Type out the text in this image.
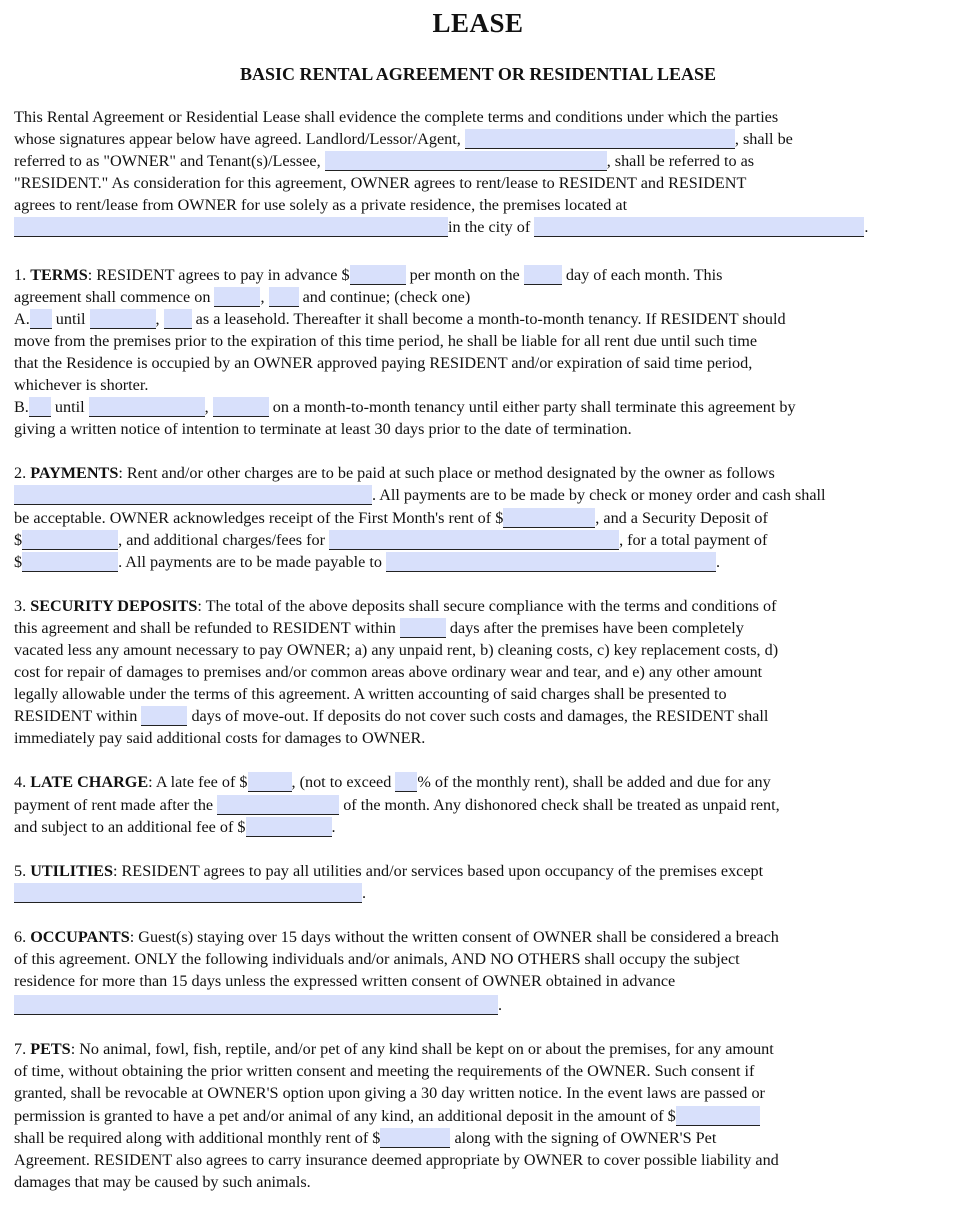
LEASE
BASIC RENTAL AGREEMENT OR RESIDENTIAL LEASE
This Rental Agreement or Residential Lease shall evidence the complete terms and conditions under which the parties
whose signatures appear below have agreed. Landlord/Lessor/Agent,	, shall be
referred to as "OWNER" and Tenant(s)/Lessee,	, shall be referred to as
"RESIDENT." As consideration for this agreement, OWNER agrees to rent/lease to RESIDENT and RESIDENT
agrees to rent/lease from OWNER for use solely as a private residence, the premises located at
in the city of	.
1. TERMS: RESIDENT agrees to pay in advance $	per month on the  day of each month. This
agreement shall commence on	,  and continue; (check one)
A. until	,  as a leasehold. Thereafter it shall become a month-to-month tenancy. If RESIDENT should
move from the premises prior to the expiration of this time period, he shall be liable for all rent due until such time
that the Residence is occupied by an OWNER approved paying RESIDENT and/or expiration of said time period,
whichever is shorter.
B. until	,	on a month-to-month tenancy until either party shall terminate this agreement by
giving a written notice of intention to terminate at least 30 days prior to the date of termination.
2. PAYMENTS: Rent and/or other charges are to be paid at such place or method designated by the owner as follows
. All payments are to be made by check or money order and cash shall
be acceptable. OWNER acknowledges receipt of the First Month's rent of $	, and a Security Deposit of
$	, and additional charges/fees for	, for a total payment of
$	. All payments are to be made payable to	.
3. SECURITY DEPOSITS: The total of the above deposits shall secure compliance with the terms and conditions of
this agreement and shall be refunded to RESIDENT within	days after the premises have been completely
vacated less any amount necessary to pay OWNER; a) any unpaid rent, b) cleaning costs, c) key replacement costs, d)
cost for repair of damages to premises and/or common areas above ordinary wear and tear, and e) any other amount
legally allowable under the terms of this agreement. A written accounting of said charges shall be presented to
RESIDENT within	days of move-out. If deposits do not cover such costs and damages, the RESIDENT shall
immediately pay said additional costs for damages to OWNER.
4. LATE CHARGE: A late fee of $	, (not to exceed % of the monthly rent), shall be added and due for any
payment of rent made after the	of the month. Any dishonored check shall be treated as unpaid rent,
and subject to an additional fee of $	.
5. UTILITIES: RESIDENT agrees to pay all utilities and/or services based upon occupancy of the premises except
.
6. OCCUPANTS: Guest(s) staying over 15 days without the written consent of OWNER shall be considered a breach
of this agreement. ONLY the following individuals and/or animals, AND NO OTHERS shall occupy the subject
residence for more than 15 days unless the expressed written consent of OWNER obtained in advance
.
7. PETS: No animal, fowl, fish, reptile, and/or pet of any kind shall be kept on or about the premises, for any amount
of time, without obtaining the prior written consent and meeting the requirements of the OWNER. Such consent if
granted, shall be revocable at OWNER'S option upon giving a 30 day written notice. In the event laws are passed or
permission is granted to have a pet and/or animal of any kind, an additional deposit in the amount of $
shall be required along with additional monthly rent of $	along with the signing of OWNER'S Pet
Agreement. RESIDENT also agrees to carry insurance deemed appropriate by OWNER to cover possible liability and
damages that may be caused by such animals.
